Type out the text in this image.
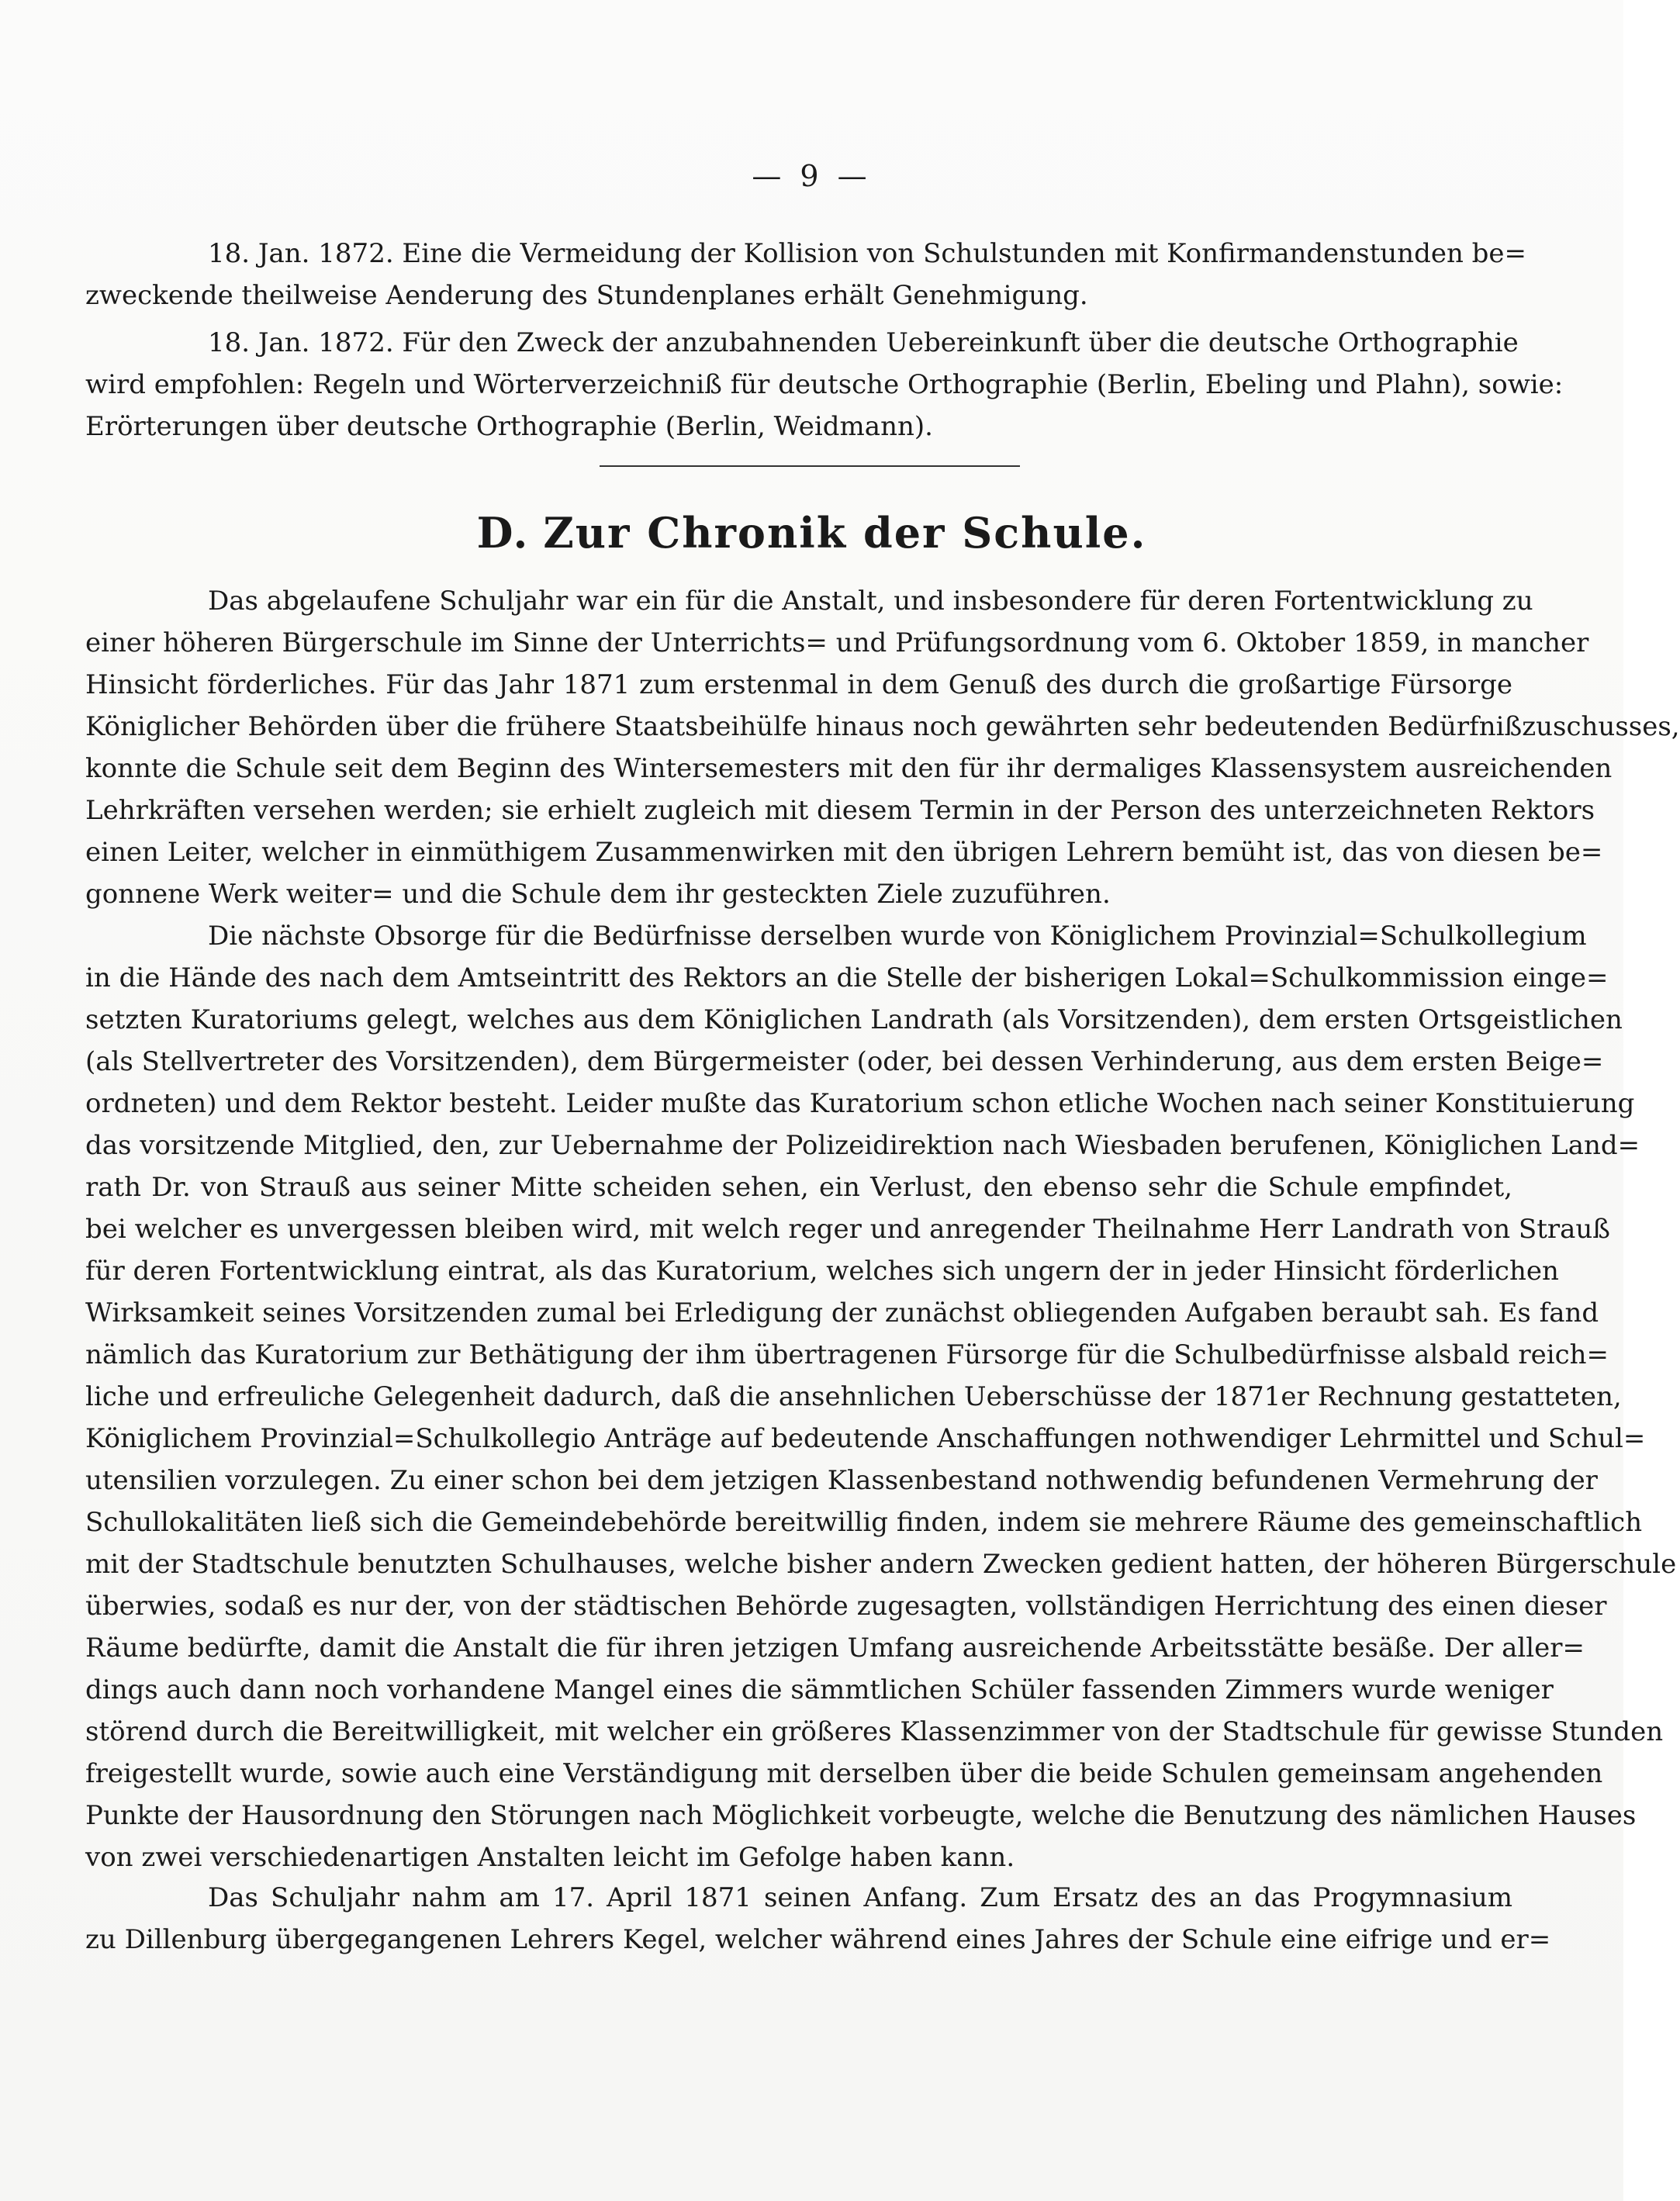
— 9 —
18. Jan. 1872. Eine die Vermeidung der Kollision von Schulstunden mit Konfirmandenstunden be=
zweckende theilweise Aenderung des Stundenplanes erhält Genehmigung.
18. Jan. 1872. Für den Zweck der anzubahnenden Uebereinkunft über die deutsche Orthographie
wird empfohlen: Regeln und Wörterverzeichniß für deutsche Orthographie (Berlin, Ebeling und Plahn), sowie:
Erörterungen über deutsche Orthographie (Berlin, Weidmann).
D. Zur Chronik der Schule.
Das abgelaufene Schuljahr war ein für die Anstalt, und insbesondere für deren Fortentwicklung zu
einer höheren Bürgerschule im Sinne der Unterrichts= und Prüfungsordnung vom 6. Oktober 1859, in mancher
Hinsicht förderliches. Für das Jahr 1871 zum erstenmal in dem Genuß des durch die großartige Fürsorge
Königlicher Behörden über die frühere Staatsbeihülfe hinaus noch gewährten sehr bedeutenden Bedürfnißzuschusses,
konnte die Schule seit dem Beginn des Wintersemesters mit den für ihr dermaliges Klassensystem ausreichenden
Lehrkräften versehen werden; sie erhielt zugleich mit diesem Termin in der Person des unterzeichneten Rektors
einen Leiter, welcher in einmüthigem Zusammenwirken mit den übrigen Lehrern bemüht ist, das von diesen be=
gonnene Werk weiter= und die Schule dem ihr gesteckten Ziele zuzuführen.
Die nächste Obsorge für die Bedürfnisse derselben wurde von Königlichem Provinzial=Schulkollegium
in die Hände des nach dem Amtseintritt des Rektors an die Stelle der bisherigen Lokal=Schulkommission einge=
setzten Kuratoriums gelegt, welches aus dem Königlichen Landrath (als Vorsitzenden), dem ersten Ortsgeistlichen
(als Stellvertreter des Vorsitzenden), dem Bürgermeister (oder, bei dessen Verhinderung, aus dem ersten Beige=
ordneten) und dem Rektor besteht. Leider mußte das Kuratorium schon etliche Wochen nach seiner Konstituierung
das vorsitzende Mitglied, den, zur Uebernahme der Polizeidirektion nach Wiesbaden berufenen, Königlichen Land=
rath Dr. von Strauß aus seiner Mitte scheiden sehen, ein Verlust, den ebenso sehr die Schule empfindet,
bei welcher es unvergessen bleiben wird, mit welch reger und anregender Theilnahme Herr Landrath von Strauß
für deren Fortentwicklung eintrat, als das Kuratorium, welches sich ungern der in jeder Hinsicht förderlichen
Wirksamkeit seines Vorsitzenden zumal bei Erledigung der zunächst obliegenden Aufgaben beraubt sah. Es fand
nämlich das Kuratorium zur Bethätigung der ihm übertragenen Fürsorge für die Schulbedürfnisse alsbald reich=
liche und erfreuliche Gelegenheit dadurch, daß die ansehnlichen Ueberschüsse der 1871er Rechnung gestatteten,
Königlichem Provinzial=Schulkollegio Anträge auf bedeutende Anschaffungen nothwendiger Lehrmittel und Schul=
utensilien vorzulegen. Zu einer schon bei dem jetzigen Klassenbestand nothwendig befundenen Vermehrung der
Schullokalitäten ließ sich die Gemeindebehörde bereitwillig finden, indem sie mehrere Räume des gemeinschaftlich
mit der Stadtschule benutzten Schulhauses, welche bisher andern Zwecken gedient hatten, der höheren Bürgerschule
überwies, sodaß es nur der, von der städtischen Behörde zugesagten, vollständigen Herrichtung des einen dieser
Räume bedürfte, damit die Anstalt die für ihren jetzigen Umfang ausreichende Arbeitsstätte besäße. Der aller=
dings auch dann noch vorhandene Mangel eines die sämmtlichen Schüler fassenden Zimmers wurde weniger
störend durch die Bereitwilligkeit, mit welcher ein größeres Klassenzimmer von der Stadtschule für gewisse Stunden
freigestellt wurde, sowie auch eine Verständigung mit derselben über die beide Schulen gemeinsam angehenden
Punkte der Hausordnung den Störungen nach Möglichkeit vorbeugte, welche die Benutzung des nämlichen Hauses
von zwei verschiedenartigen Anstalten leicht im Gefolge haben kann.
Das Schuljahr nahm am 17. April 1871 seinen Anfang. Zum Ersatz des an das Progymnasium
zu Dillenburg übergegangenen Lehrers Kegel, welcher während eines Jahres der Schule eine eifrige und er=
